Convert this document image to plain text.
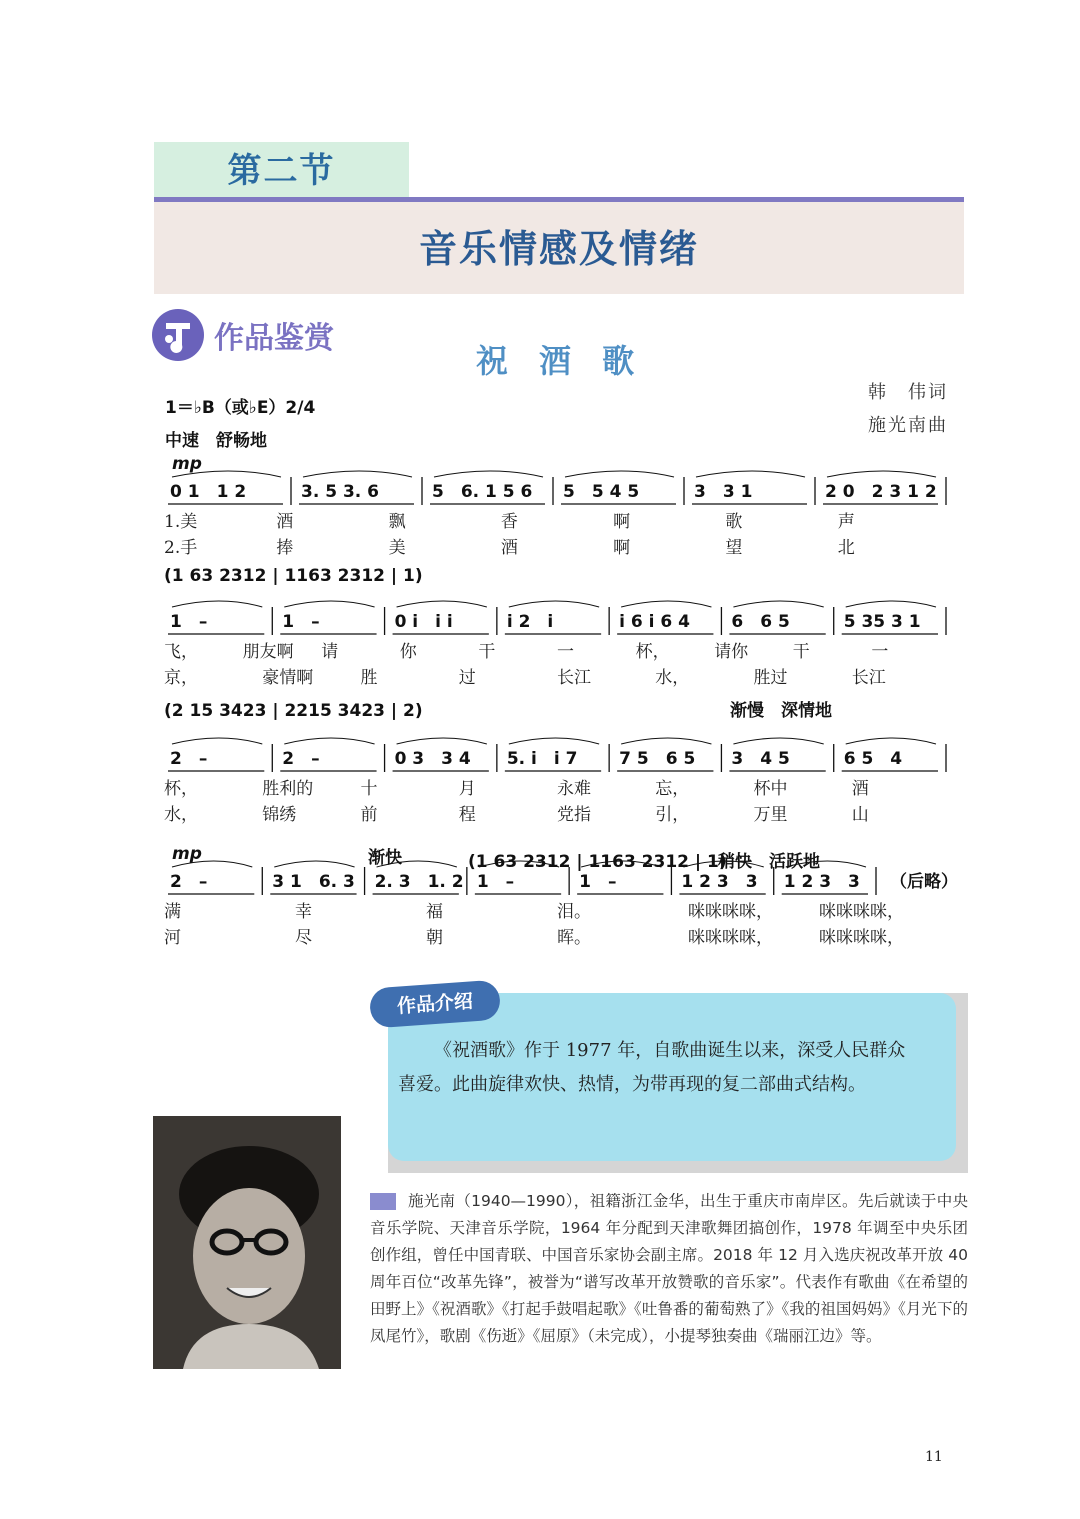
第二节
音乐情感及情绪
作品鉴赏
祝 酒 歌
韩　伟词
施光南曲
1＝♭B（或♭E）2/4
中速　舒畅地
mp
0 1　1 2	3. 5 3. 6	5　6. 1 5 6 5　5 4 5	3　3 1	2 0　2 3 1 2
1.美	酒	飘	香	啊	歌	声
2.手	捧	美	酒	啊	望	北
(1 63 2312 | 1163 2312 | 1)
1　–	1　–	0 i　i i	i 2　i	i 6 i 6 4 6　6 5	5 35 3 1
飞，	朋友啊 请	你	干	一	杯，	请你	干	一
京，	豪情啊	胜	过	长江	水，	胜过	长江
(2 15 3423 | 2215 3423 | 2)	渐慢　深情地
2　–	2　–	0 3　3 4 5. i　i 7 7 5　6 5 3　4 5	6 5　4
杯，	胜利的	十	月	永难	忘，	杯中	酒
水，	锦绣	前	程	党指	引，	万里	山
mp	(1 63 2312 | 1163 2312 | 1)
渐快	稍快　活跃地
2　–	3 1　6. 3 2. 3　1. 2 1　–	1　–	1 2 3　3 1 2 3　3 （后略）
满	幸	福	泪。	咪咪咪咪，	咪咪咪咪，
河	尽	朝	晖。	咪咪咪咪，	咪咪咪咪，
作品介绍
《祝酒歌》作于 1977 年，自歌曲诞生以来，深受人民群众喜爱。此曲旋律欢快、热情，为带再现的复二部曲式结构。
施光南（1940—1990），祖籍浙江金华，出生于重庆市南岸区。先后就读于中央音乐学院、天津音乐学院，1964 年分配到天津歌舞团搞创作，1978 年调至中央乐团创作组，曾任中国青联、中国音乐家协会副主席。2018 年 12 月入选庆祝改革开放 40 周年百位“改革先锋”，被誉为“谱写改革开放赞歌的音乐家”。代表作有歌曲《在希望的田野上》《祝酒歌》《打起手鼓唱起歌》《吐鲁番的葡萄熟了》《我的祖国妈妈》《月光下的凤尾竹》，歌剧《伤逝》《屈原》（未完成），小提琴独奏曲《瑞丽江边》等。
11
